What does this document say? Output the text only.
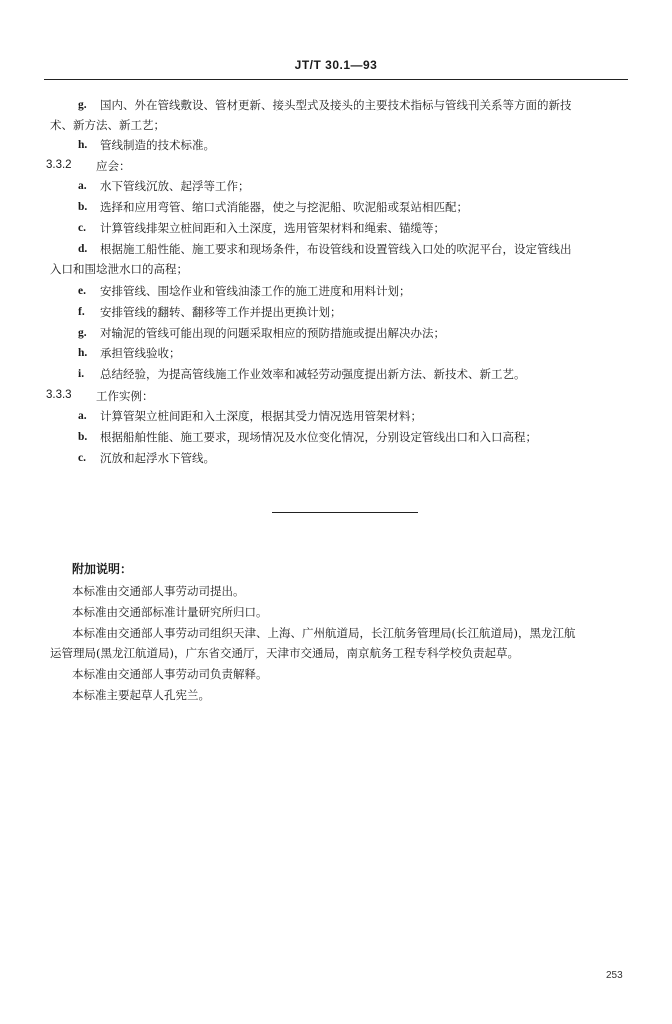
JT/T 30.1—93
g. 国内、外在管线敷设、管材更新、接头型式及接头的主要技术指标与管线刊关系等方面的新技
术、新方法、新工艺；
h. 管线制造的技术标准。
3.3.2 应会：
a. 水下管线沉放、起浮等工作；
b. 选择和应用弯管、缩口式消能器，使之与挖泥船、吹泥船或泵站相匹配；
c. 计算管线排架立桩间距和入土深度，选用管架材料和绳索、锚缆等；
d. 根据施工船性能、施工要求和现场条件，布设管线和设置管线入口处的吹泥平台，设定管线出
入口和围埝泄水口的高程；
e. 安排管线、围埝作业和管线油漆工作的施工进度和用料计划；
f. 安排管线的翻转、翻移等工作并提出更换计划；
g. 对输泥的管线可能出现的问题采取相应的预防措施或提出解决办法；
h. 承担管线验收；
i. 总结经验，为提高管线施工作业效率和减轻劳动强度提出新方法、新技术、新工艺。
3.3.3 工作实例：
a. 计算管架立桩间距和入土深度，根据其受力情况选用管架材料；
b. 根据船舶性能、施工要求，现场情况及水位变化情况，分别设定管线出口和入口高程；
c. 沉放和起浮水下管线。
附加说明：
本标准由交通部人事劳动司提出。
本标准由交通部标准计量研究所归口。
本标准由交通部人事劳动司组织天津、上海、广州航道局，长江航务管理局(长江航道局)，黑龙江航
运管理局(黑龙江航道局)，广东省交通厅，天津市交通局，南京航务工程专科学校负责起草。
本标准由交通部人事劳动司负责解释。
本标准主要起草人孔宪兰。
253
